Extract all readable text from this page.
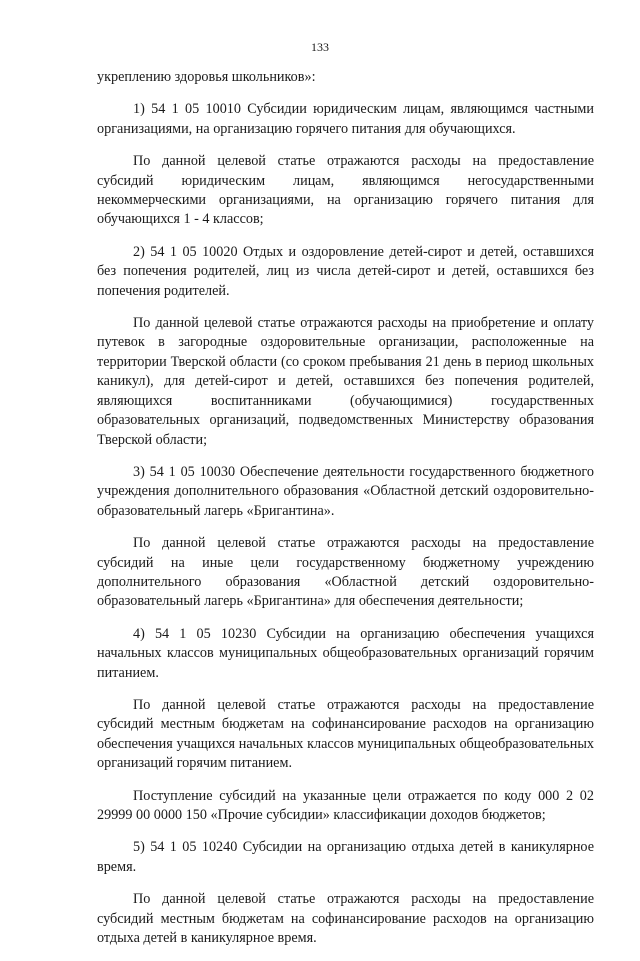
133

укреплению здоровья школьников»:

1) 54 1 05 10010 Субсидии юридическим лицам, являющимся частными организациями, на организацию горячего питания для обучающихся.

По данной целевой статье отражаются расходы на предоставление субсидий юридическим лицам, являющимся негосударственными некоммерческими организациями, на организацию горячего питания для обучающихся 1 - 4 классов;

2) 54 1 05 10020 Отдых и оздоровление детей-сирот и детей, оставшихся без попечения родителей, лиц из числа детей-сирот и детей, оставшихся без попечения родителей.

По данной целевой статье отражаются расходы на приобретение и оплату путевок в загородные оздоровительные организации, расположенные на территории Тверской области (со сроком пребывания 21 день в период школьных каникул), для детей-сирот и детей, оставшихся без попечения родителей, являющихся воспитанниками (обучающимися) государственных образовательных организаций, подведомственных Министерству образования Тверской области;

3) 54 1 05 10030 Обеспечение деятельности государственного бюджетного учреждения дополнительного образования «Областной детский оздоровительно-образовательный лагерь «Бригантина».

По данной целевой статье отражаются расходы на предоставление субсидий на иные цели государственному бюджетному учреждению дополнительного образования «Областной детский оздоровительно-образовательный лагерь «Бригантина» для обеспечения деятельности;

4) 54 1 05 10230 Субсидии на организацию обеспечения учащихся начальных классов муниципальных общеобразовательных организаций горячим питанием.

По данной целевой статье отражаются расходы на предоставление субсидий местным бюджетам на софинансирование расходов на организацию обеспечения учащихся начальных классов муниципальных общеобразовательных организаций горячим питанием.

Поступление субсидий на указанные цели отражается по коду 000 2 02 29999 00 0000 150 «Прочие субсидии» классификации доходов бюджетов;

5) 54 1 05 10240 Субсидии на организацию отдыха детей в каникулярное время.

По данной целевой статье отражаются расходы на предоставление субсидий местным бюджетам на софинансирование расходов на организацию отдыха детей в каникулярное время.
